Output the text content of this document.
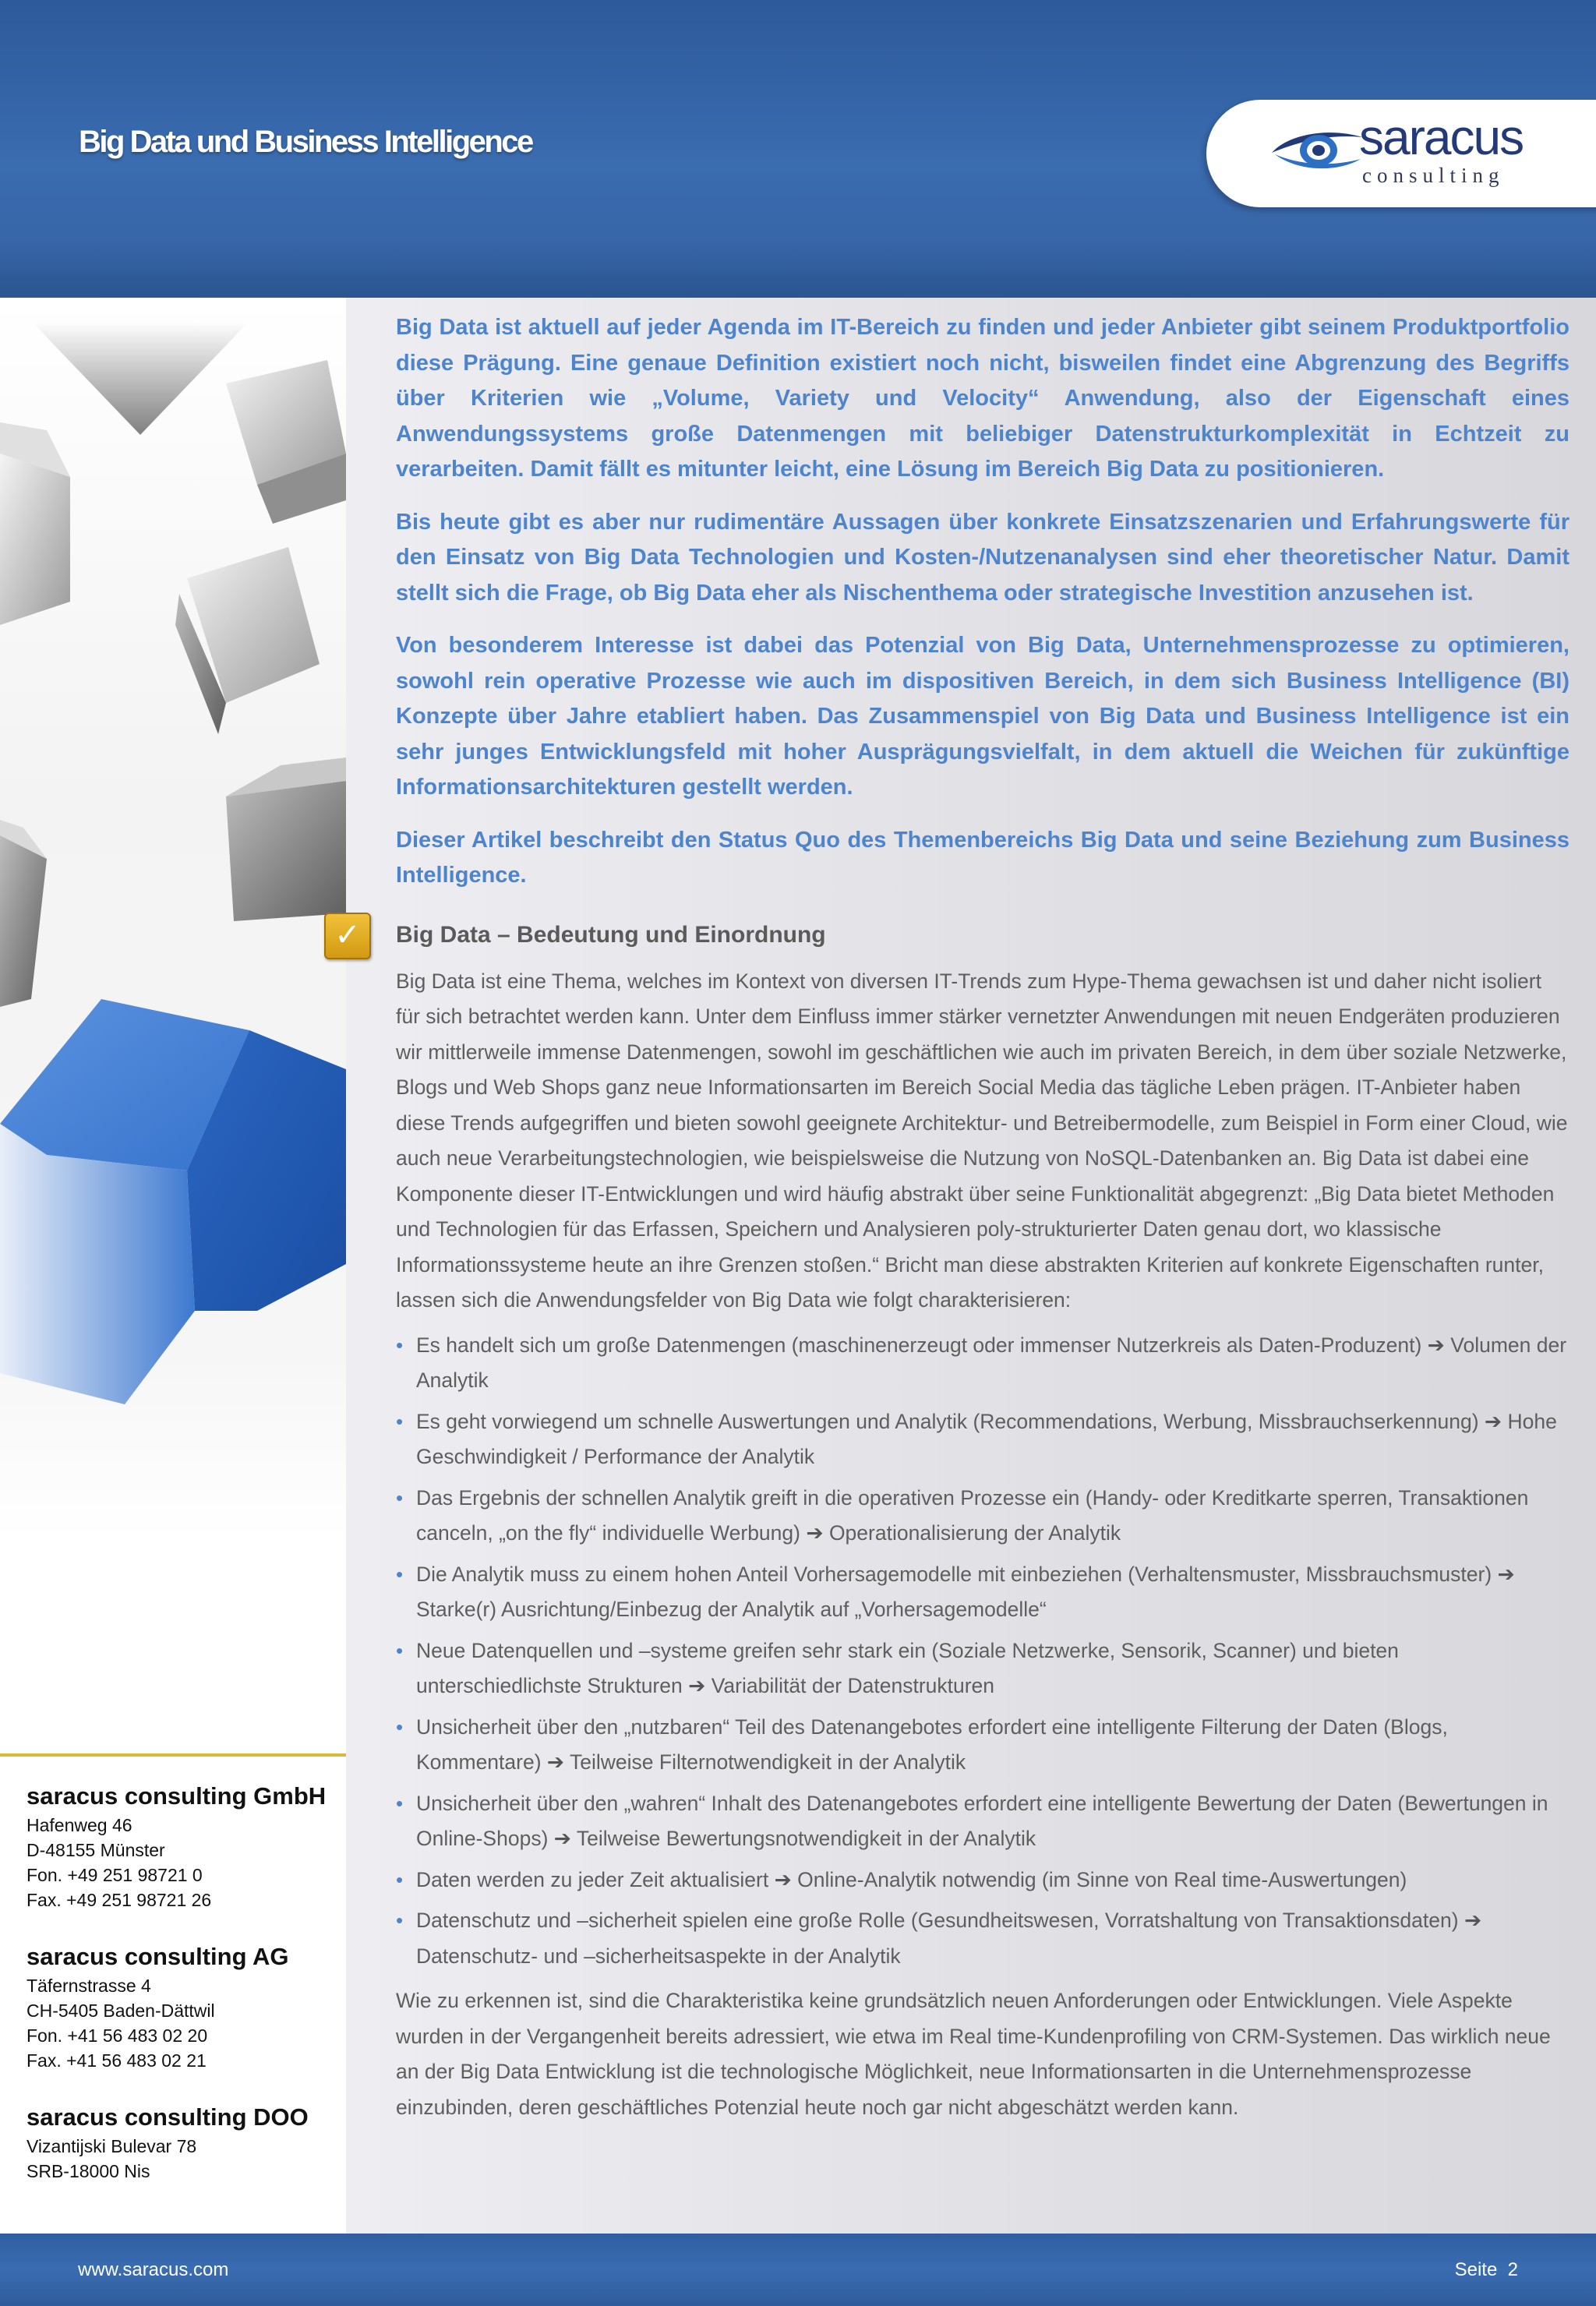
Big Data und Business Intelligence	saracus
consulting
saracus consulting GmbH
Hafenweg 46
D-48155 Münster
Fon. +49 251 98721 0
Fax. +49 251 98721 26
saracus consulting AG
Täfernstrasse 4
CH-5405 Baden-Dättwil
Fon. +41 56 483 02 20
Fax. +41 56 483 02 21
saracus consulting DOO
Vizantijski Bulevar 78
SRB-18000 Nis

Big Data ist aktuell auf jeder Agenda im IT-Bereich zu finden und jeder Anbieter gibt seinem Produktportfolio diese Prägung. Eine genaue Definition existiert noch nicht, bisweilen findet eine Abgrenzung des Begriffs über Kriterien wie „Volume, Variety und Velocity“ Anwendung, also der Eigenschaft eines Anwendungssystems große Datenmengen mit beliebiger Datenstrukturkomplexität in Echtzeit zu verarbeiten. Damit fällt es mitunter leicht, eine Lösung im Bereich Big Data zu positionieren.

Bis heute gibt es aber nur rudimentäre Aussagen über konkrete Einsatzszenarien und Erfahrungswerte für den Einsatz von Big Data Technologien und Kosten-/Nutzenanalysen sind eher theoretischer Natur. Damit stellt sich die Frage, ob Big Data eher als Nischenthema oder strategische Investition anzusehen ist.

Von besonderem Interesse ist dabei das Potenzial von Big Data, Unternehmensprozesse zu optimieren, sowohl rein operative Prozesse wie auch im dispositiven Bereich, in dem sich Business Intelligence (BI) Konzepte über Jahre etabliert haben. Das Zusammenspiel von Big Data und Business Intelligence ist ein sehr junges Entwicklungsfeld mit hoher Ausprägungsvielfalt, in dem aktuell die Weichen für zukünftige Informationsarchitekturen gestellt werden.

Dieser Artikel beschreibt den Status Quo des Themenbereichs Big Data und seine Beziehung zum Business Intelligence.

✓	Big Data – Bedeutung und Einordnung

Big Data ist eine Thema, welches im Kontext von diversen IT-Trends zum Hype-Thema gewachsen ist und daher nicht isoliert für sich betrachtet werden kann. Unter dem Einfluss immer stärker vernetzter Anwendungen mit neuen Endgeräten produzieren wir mittlerweile immense Datenmengen, sowohl im geschäftlichen wie auch im privaten Bereich, in dem über soziale Netzwerke, Blogs und Web Shops ganz neue Informationsarten im Bereich Social Media das tägliche Leben prägen. IT-Anbieter haben diese Trends aufgegriffen und bieten sowohl geeignete Architektur- und Betreibermodelle, zum Beispiel in Form einer Cloud, wie auch neue Verarbeitungstechnologien, wie beispielsweise die Nutzung von NoSQL-Datenbanken an. Big Data ist dabei eine Komponente dieser IT-Entwicklungen und wird häufig abstrakt über seine Funktionalität abgegrenzt: „Big Data bietet Methoden und Technologien für das Erfassen, Speichern und Analysieren poly-strukturierter Daten genau dort, wo klassische Informationssysteme heute an ihre Grenzen stoßen.“ Bricht man diese abstrakten Kriterien auf konkrete Eigenschaften runter, lassen sich die Anwendungsfelder von Big Data wie folgt charakterisieren:

• Es handelt sich um große Datenmengen (maschinenerzeugt oder immenser Nutzerkreis als Daten-Produzent) ➔ Volumen der Analytik
• Es geht vorwiegend um schnelle Auswertungen und Analytik (Recommendations, Werbung, Missbrauchserkennung) ➔ Hohe Geschwindigkeit / Performance der Analytik
• Das Ergebnis der schnellen Analytik greift in die operativen Prozesse ein (Handy- oder Kreditkarte sperren, Transaktionen canceln, „on the fly“ individuelle Werbung) ➔ Operationalisierung der Analytik
• Die Analytik muss zu einem hohen Anteil Vorhersagemodelle mit einbeziehen (Verhaltensmuster, Missbrauchsmuster) ➔ Starke(r) Ausrichtung/Einbezug der Analytik auf „Vorhersagemodelle“
• Neue Datenquellen und –systeme greifen sehr stark ein (Soziale Netzwerke, Sensorik, Scanner) und bieten unterschiedlichste Strukturen ➔ Variabilität der Datenstrukturen
• Unsicherheit über den „nutzbaren“ Teil des Datenangebotes erfordert eine intelligente Filterung der Daten (Blogs, Kommentare) ➔ Teilweise Filternotwendigkeit in der Analytik
• Unsicherheit über den „wahren“ Inhalt des Datenangebotes erfordert eine intelligente Bewertung der Daten (Bewertungen in Online-Shops) ➔ Teilweise Bewertungsnotwendigkeit in der Analytik
• Daten werden zu jeder Zeit aktualisiert ➔ Online-Analytik notwendig (im Sinne von Real time-Auswertungen)
• Datenschutz und –sicherheit spielen eine große Rolle (Gesundheitswesen, Vorratshaltung von Transaktionsdaten) ➔ Datenschutz- und –sicherheitsaspekte in der Analytik

Wie zu erkennen ist, sind die Charakteristika keine grundsätzlich neuen Anforderungen oder Entwicklungen. Viele Aspekte wurden in der Vergangenheit bereits adressiert, wie etwa im Real time-Kundenprofiling von CRM-Systemen. Das wirklich neue an der Big Data Entwicklung ist die technologische Möglichkeit, neue Informationsarten in die Unternehmensprozesse einzubinden, deren geschäftliches Potenzial heute noch gar nicht abgeschätzt werden kann.

www.saracus.com	Seite 2
